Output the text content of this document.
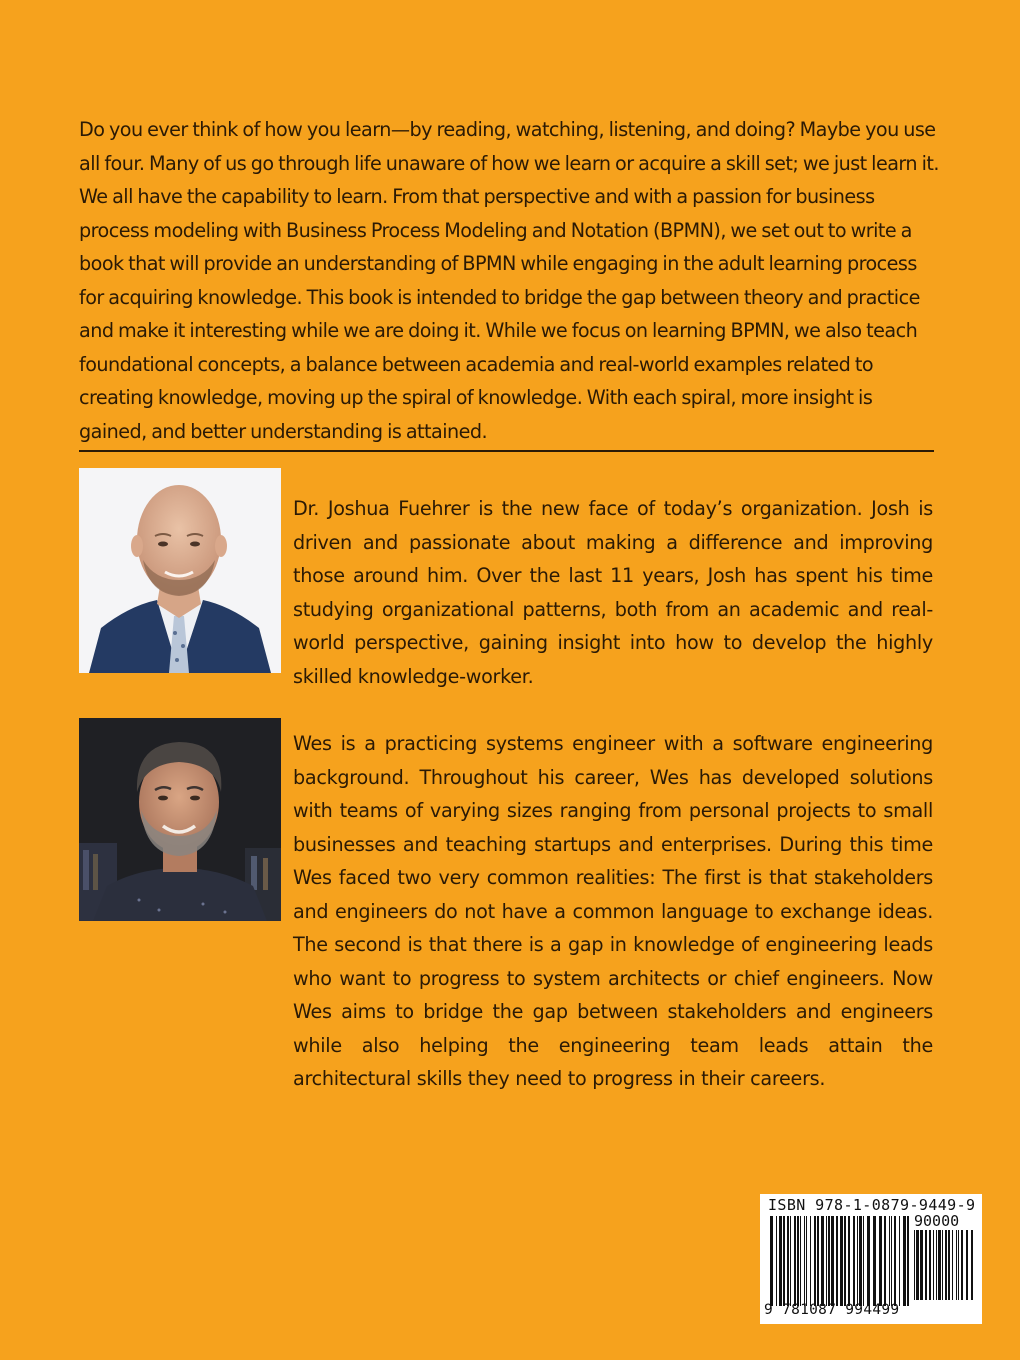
Do you ever think of how you learn—by reading, watching, listening, and doing? Maybe you use all four. Many of us go through life unaware of how we learn or acquire a skill set; we just learn it. We all have the capability to learn. From that perspective and with a passion for business process modeling with Business Process Modeling and Notation (BPMN), we set out to write a book that will provide an understanding of BPMN while engaging in the adult learning process for acquiring knowledge. This book is intended to bridge the gap between theory and practice and make it interesting while we are doing it. While we focus on learning BPMN, we also teach foundational concepts, a balance between academia and real-world examples related to creating knowledge, moving up the spiral of knowledge. With each spiral, more insight is gained, and better understanding is attained.

Dr. Joshua Fuehrer is the new face of today’s organization. Josh is driven and passionate about making a difference and improving those around him. Over the last 11 years, Josh has spent his time studying organizational patterns, both from an academic and real-world perspective, gaining insight into how to develop the highly skilled knowledge-worker.

Wes is a practicing systems engineer with a software engineering background. Throughout his career, Wes has developed solutions with teams of varying sizes ranging from personal projects to small businesses and teaching startups and enterprises. During this time Wes faced two very common realities: The first is that stakeholders and engineers do not have a common language to exchange ideas. The second is that there is a gap in knowledge of engineering leads who want to progress to system architects or chief engineers. Now Wes aims to bridge the gap between stakeholders and engineers while also helping the engineering team leads attain the architectural skills they need to progress in their careers.

ISBN 978-1-0879-9449-9
90000
9 781087 994499
